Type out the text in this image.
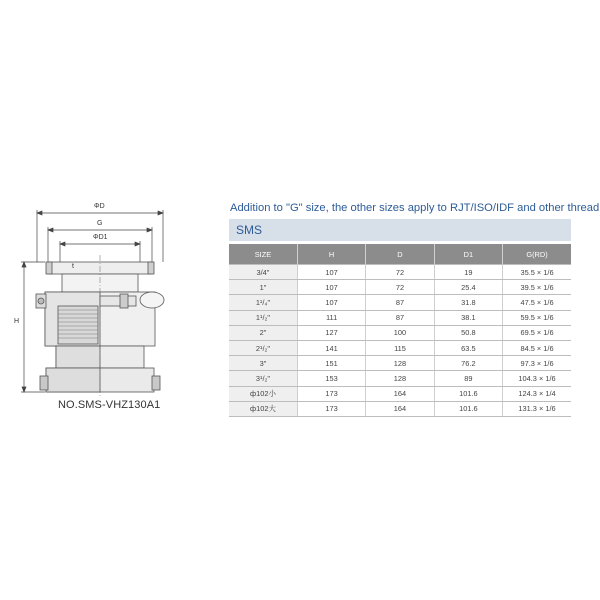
ΦD
G
ΦD1
t
H
NO.SMS-VHZ130A1
Addition to "G" size, the other sizes apply to RJT/ISO/IDF and other thread
SMS
SIZE	H	D	D1	G(RD)
3/4"	107	72	19	35.5 × 1/6
1"	107	72	25.4	39.5 × 1/6
1¹/₄"	107	87	31.8	47.5 × 1/6
1¹/₂"	111	87	38.1	59.5 × 1/6
2"	127	100	50.8	69.5 × 1/6
2¹/₂"	141	115	63.5	84.5 × 1/6
3"	151	128	76.2	97.3 × 1/6
3¹/₂"	153	128	89	104.3 × 1/6
ф102小	173	164	101.6	124.3 × 1/4
ф102大	173	164	101.6	131.3 × 1/6
